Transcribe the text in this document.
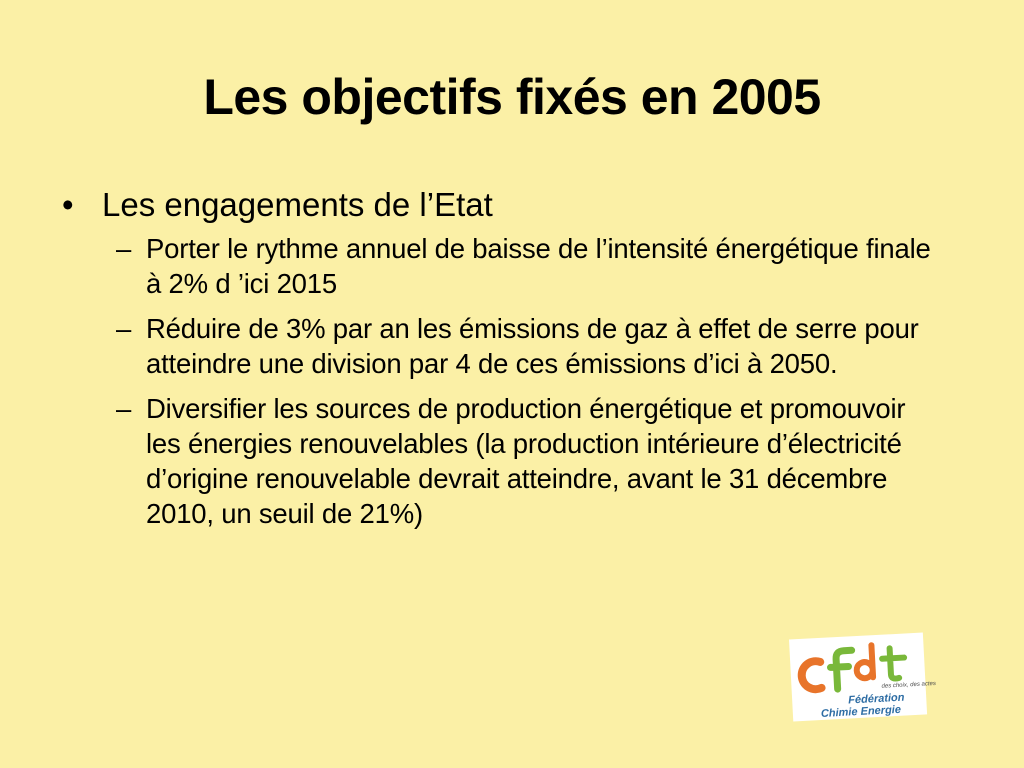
Les objectifs fixés en 2005
• Les engagements de l’Etat
– Porter le rythme annuel de baisse de l’intensité énergétique finale à 2% d ’ici 2015
– Réduire de 3% par an les émissions de gaz à effet de serre pour atteindre une division par 4 de ces émissions d’ici à 2050.
– Diversifier les sources de production énergétique et promouvoir les énergies renouvelables (la production intérieure d’électricité d’origine renouvelable devrait atteindre, avant le 31 décembre 2010, un seuil de 21%)
des choix, des actes
Fédération
Chimie Energie
